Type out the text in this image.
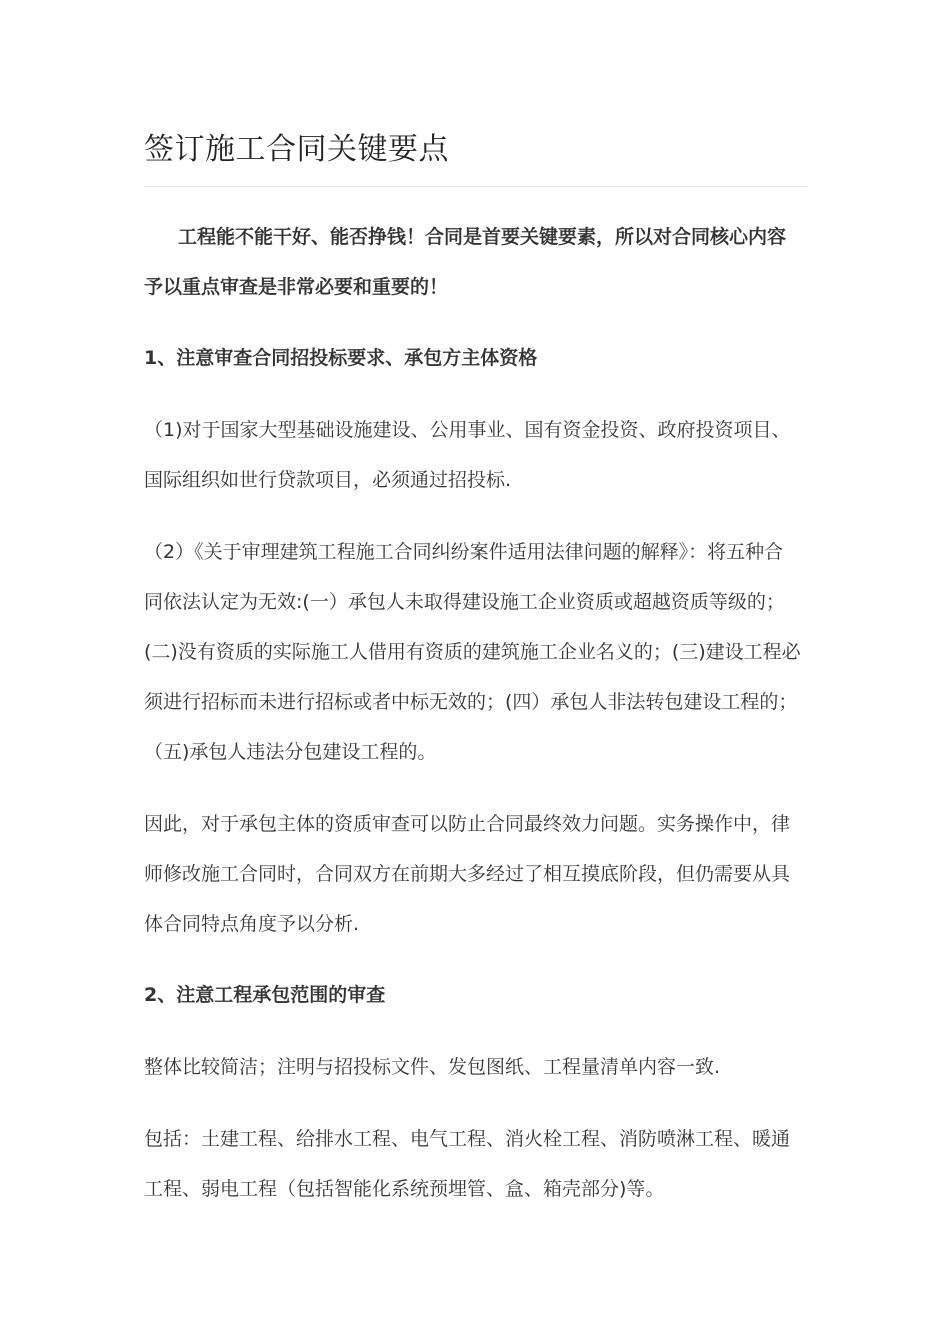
签订施工合同关键要点
工程能不能干好、能否挣钱！合同是首要关键要素，所以对合同核心内容
予以重点审查是非常必要和重要的！
1、注意审查合同招投标要求、承包方主体资格
（1)对于国家大型基础设施建设、公用事业、国有资金投资、政府投资项目、
国际组织如世行贷款项目，必须通过招投标.
（2）《关于审理建筑工程施工合同纠纷案件适用法律问题的解释》：将五种合
同依法认定为无效:(一）承包人未取得建设施工企业资质或超越资质等级的；
(二)没有资质的实际施工人借用有资质的建筑施工企业名义的；(三)建设工程必
须进行招标而未进行招标或者中标无效的；(四）承包人非法转包建设工程的；
（五)承包人违法分包建设工程的。
因此，对于承包主体的资质审查可以防止合同最终效力问题。实务操作中，律
师修改施工合同时，合同双方在前期大多经过了相互摸底阶段，但仍需要从具
体合同特点角度予以分析.
2、注意工程承包范围的审查
整体比较简洁；注明与招投标文件、发包图纸、工程量清单内容一致.
包括：土建工程、给排水工程、电气工程、消火栓工程、消防喷淋工程、暖通
工程、弱电工程（包括智能化系统预埋管、盒、箱壳部分)等。
